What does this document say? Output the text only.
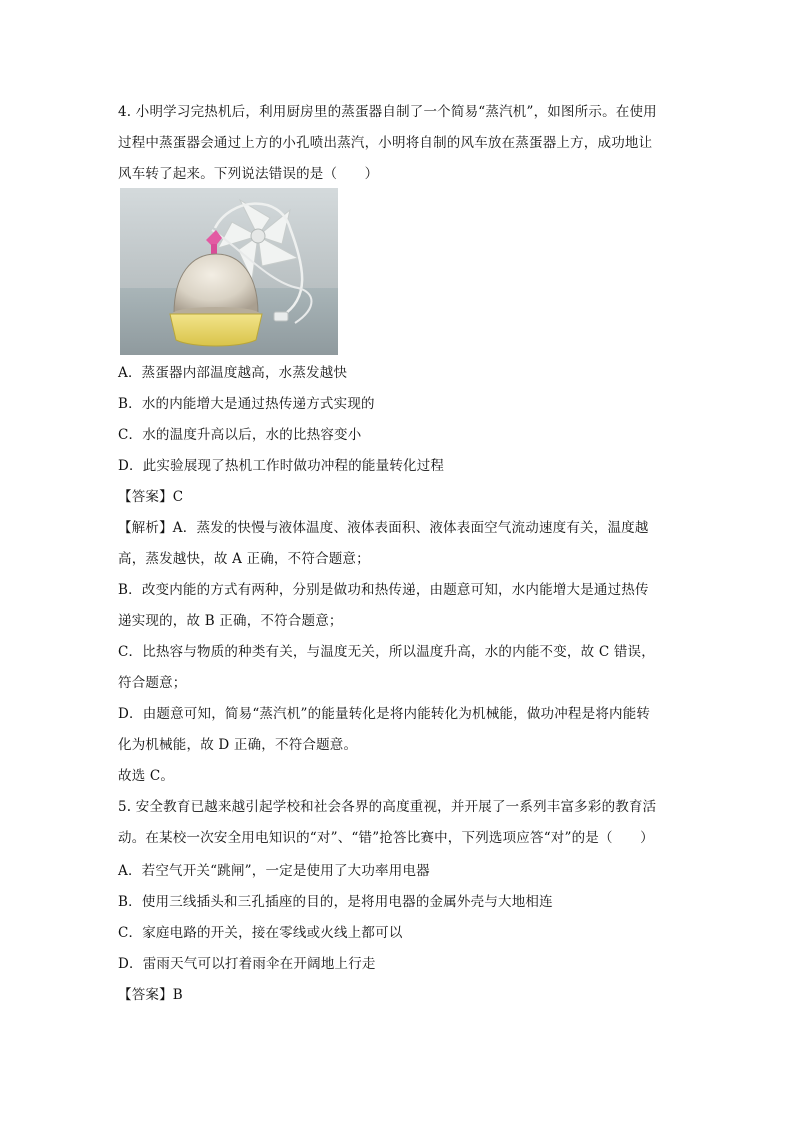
4. 小明学习完热机后，利用厨房里的蒸蛋器自制了一个简易“蒸汽机”，如图所示。在使用
过程中蒸蛋器会通过上方的小孔喷出蒸汽，小明将自制的风车放在蒸蛋器上方，成功地让
风车转了起来。下列说法错误的是（　　）
A．蒸蛋器内部温度越高，水蒸发越快
B．水的内能增大是通过热传递方式实现的
C．水的温度升高以后，水的比热容变小
D．此实验展现了热机工作时做功冲程的能量转化过程
【答案】C
【解析】A．蒸发的快慢与液体温度、液体表面积、液体表面空气流动速度有关，温度越
高，蒸发越快，故 A 正确，不符合题意；
B．改变内能的方式有两种，分别是做功和热传递，由题意可知，水内能增大是通过热传
递实现的，故 B 正确，不符合题意；
C．比热容与物质的种类有关，与温度无关，所以温度升高，水的内能不变，故 C 错误，
符合题意；
D．由题意可知，简易“蒸汽机”的能量转化是将内能转化为机械能，做功冲程是将内能转
化为机械能，故 D 正确，不符合题意。
故选 C。
5. 安全教育已越来越引起学校和社会各界的高度重视，并开展了一系列丰富多彩的教育活
动。在某校一次安全用电知识的“对”、“错”抢答比赛中，下列选项应答“对”的是（　　）
A．若空气开关“跳闸”，一定是使用了大功率用电器
B．使用三线插头和三孔插座的目的，是将用电器的金属外壳与大地相连
C．家庭电路的开关，接在零线或火线上都可以
D．雷雨天气可以打着雨伞在开阔地上行走
【答案】B
